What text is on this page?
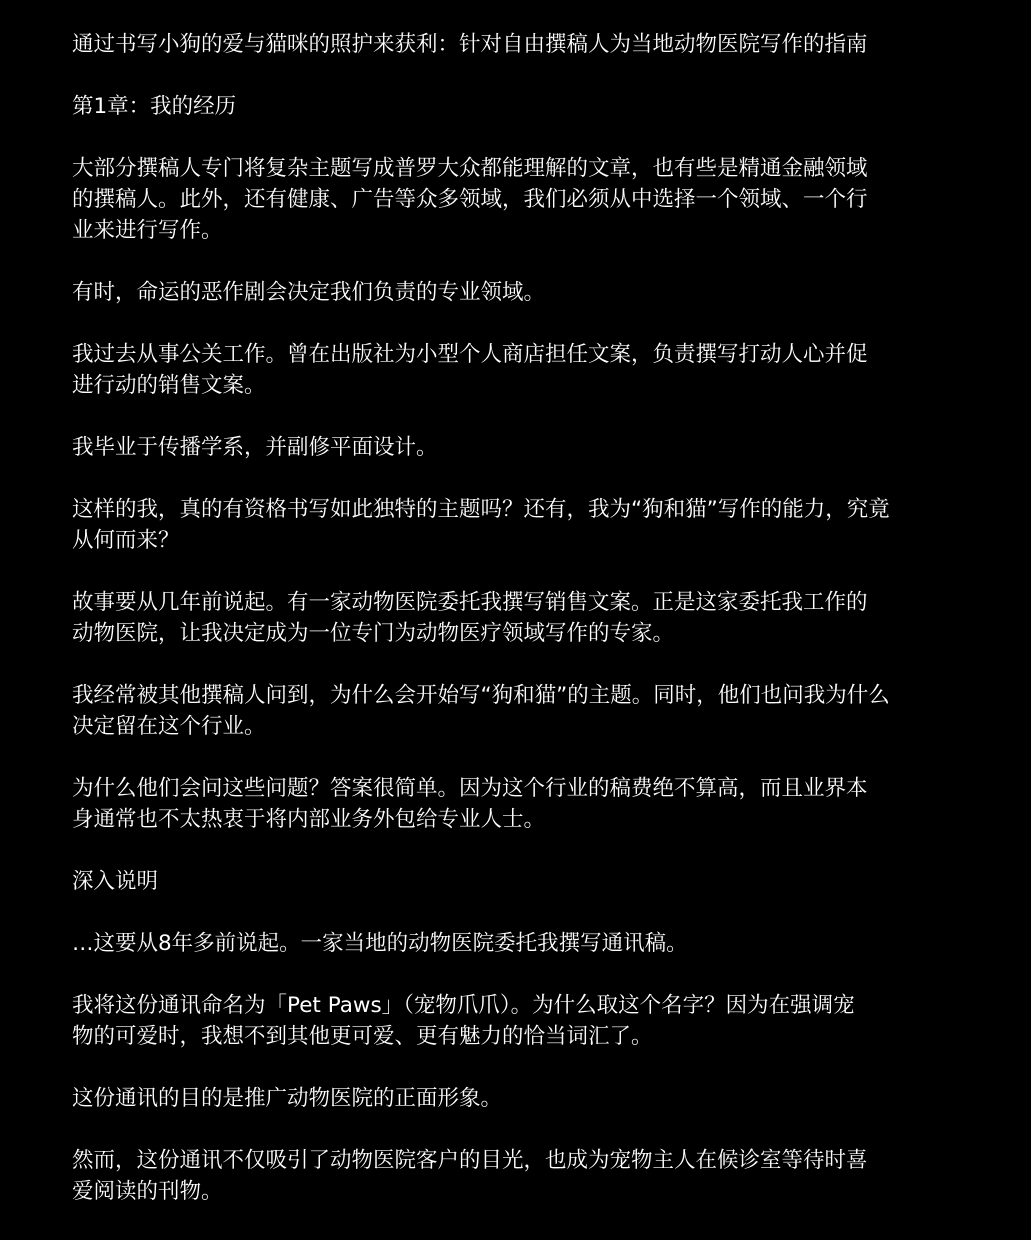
通过书写小狗的爱与猫咪的照护来获利：针对自由撰稿人为当地动物医院写作的指南

第1章：我的经历

大部分撰稿人专门将复杂主题写成普罗大众都能理解的文章，也有些是精通金融领域
的撰稿人。此外，还有健康、广告等众多领域，我们必须从中选择一个领域、一个行
业来进行写作。

有时，命运的恶作剧会决定我们负责的专业领域。

我过去从事公关工作。曾在出版社为小型个人商店担任文案，负责撰写打动人心并促
进行动的销售文案。

我毕业于传播学系，并副修平面设计。

这样的我，真的有资格书写如此独特的主题吗？还有，我为“狗和猫”写作的能力，究竟
从何而来？

故事要从几年前说起。有一家动物医院委托我撰写销售文案。正是这家委托我工作的
动物医院，让我决定成为一位专门为动物医疗领域写作的专家。

我经常被其他撰稿人问到，为什么会开始写“狗和猫”的主题。同时，他们也问我为什么
决定留在这个行业。

为什么他们会问这些问题？答案很简单。因为这个行业的稿费绝不算高，而且业界本
身通常也不太热衷于将内部业务外包给专业人士。

深入说明

…这要从8年多前说起。一家当地的动物医院委托我撰写通讯稿。

我将这份通讯命名为「Pet Paws」（宠物爪爪）。为什么取这个名字？因为在强调宠
物的可爱时，我想不到其他更可爱、更有魅力的恰当词汇了。

这份通讯的目的是推广动物医院的正面形象。

然而，这份通讯不仅吸引了动物医院客户的目光，也成为宠物主人在候诊室等待时喜
爱阅读的刊物。
